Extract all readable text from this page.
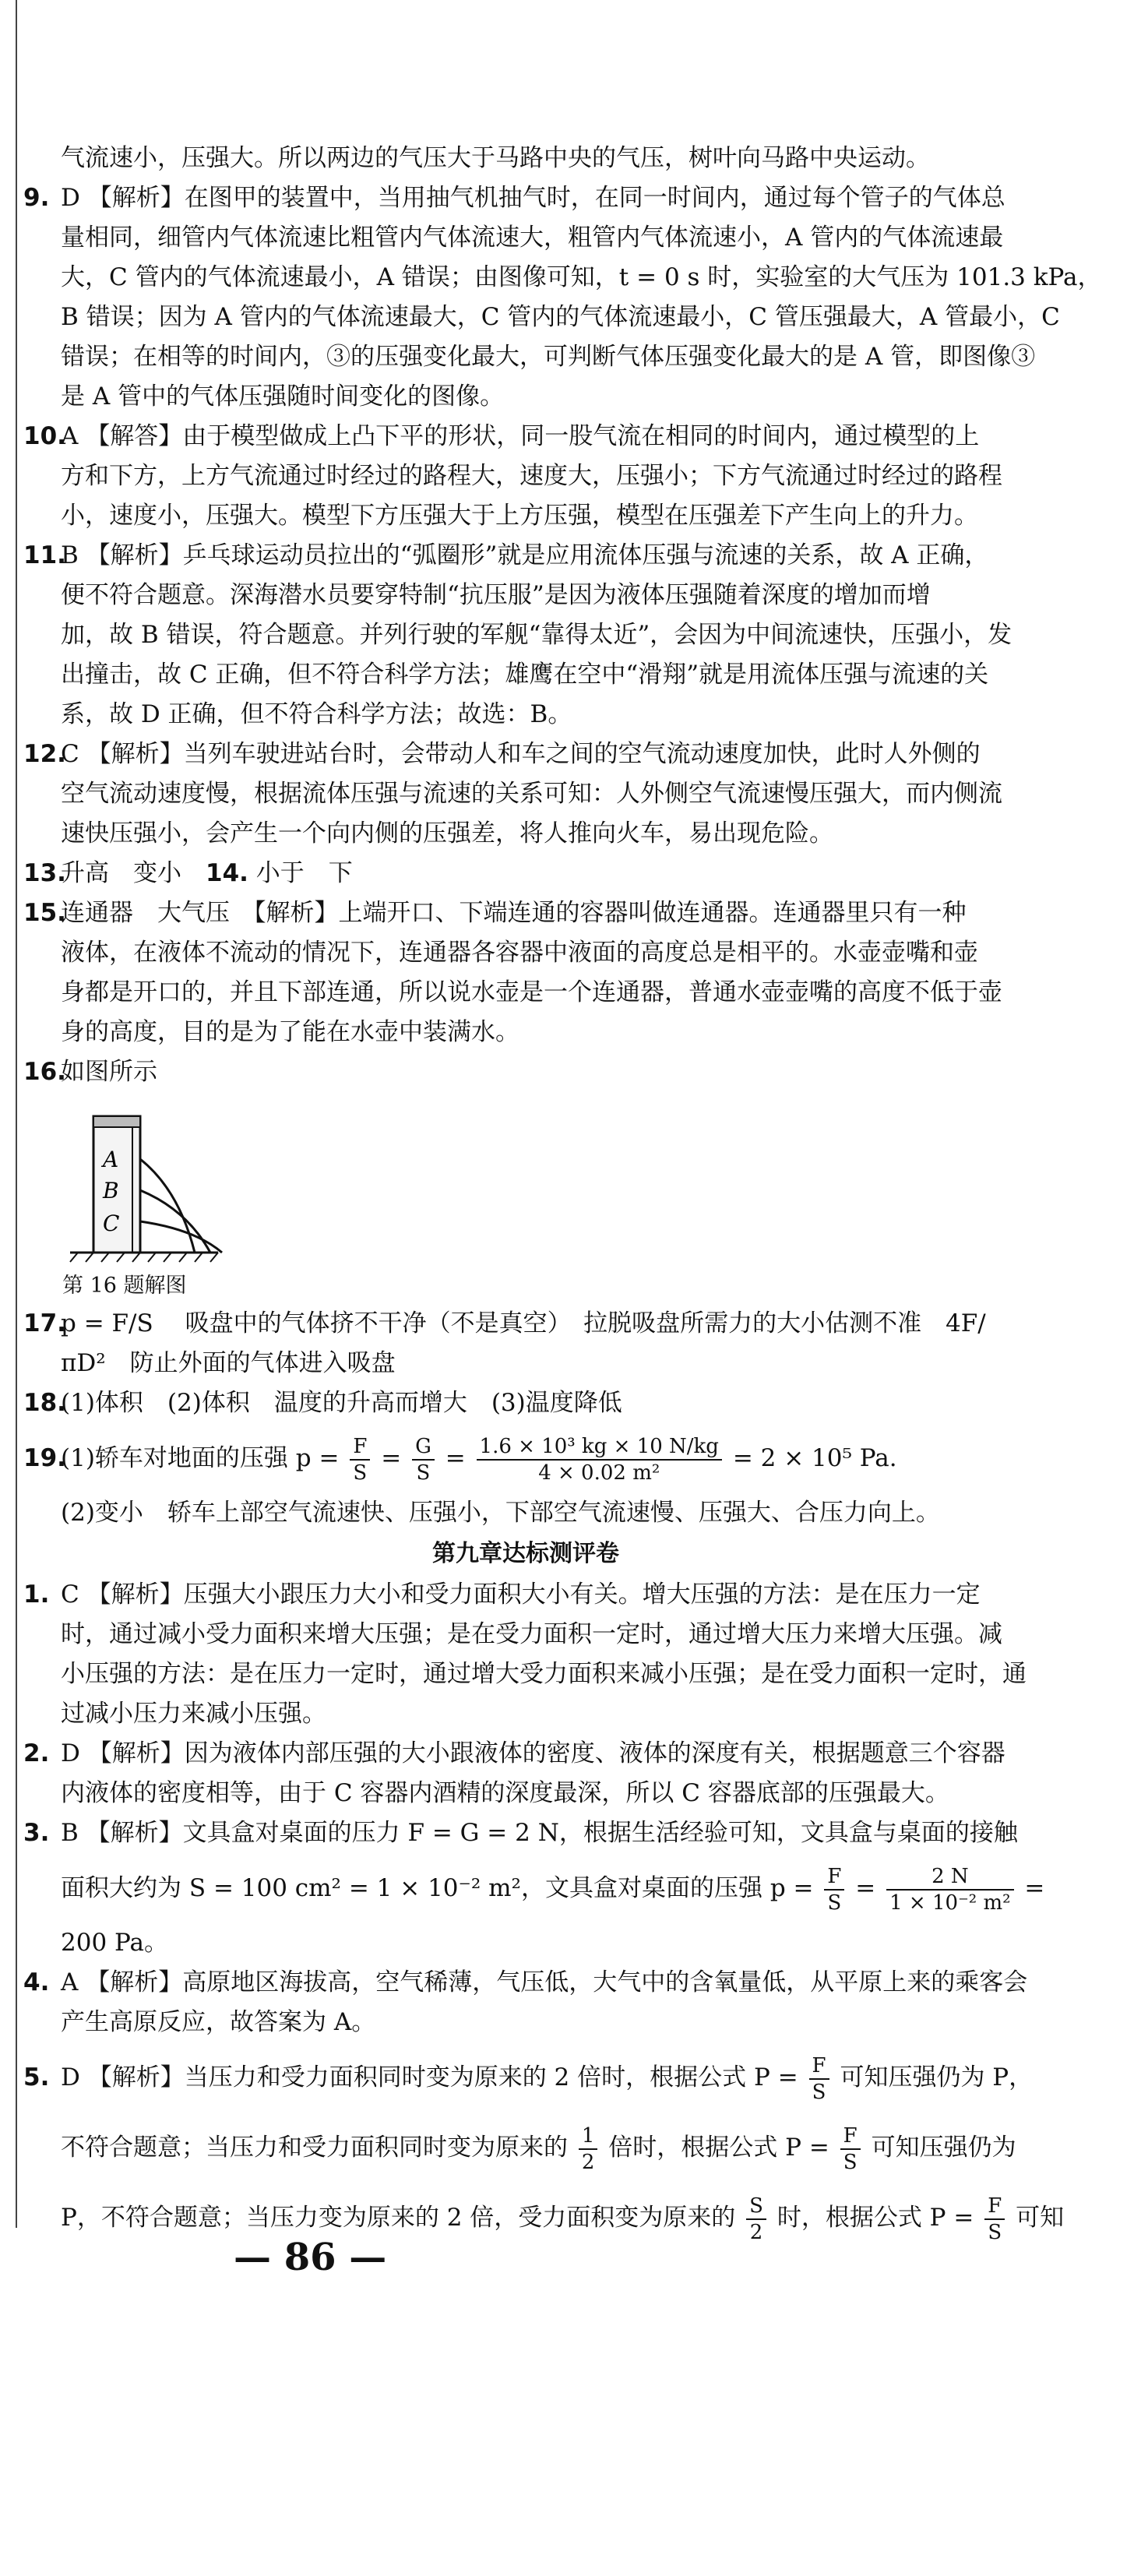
气流速小，压强大。所以两边的气压大于马路中央的气压，树叶向马路中央运动。
9. D 【解析】在图甲的装置中，当用抽气机抽气时，在同一时间内，通过每个管子的气体总
量相同，细管内气体流速比粗管内气体流速大，粗管内气体流速小，A 管内的气体流速最
大，C 管内的气体流速最小，A 错误；由图像可知，t = 0 s 时，实验室的大气压为 101.3 kPa，
B 错误；因为 A 管内的气体流速最大，C 管内的气体流速最小，C 管压强最大，A 管最小，C
错误；在相等的时间内，③的压强变化最大，可判断气体压强变化最大的是 A 管，即图像③
是 A 管中的气体压强随时间变化的图像。
10.
A 【解答】由于模型做成上凸下平的形状，同一股气流在相同的时间内，通过模型的上
方和下方，上方气流通过时经过的路程大，速度大，压强小；下方气流通过时经过的路程
小，速度小，压强大。模型下方压强大于上方压强，模型在压强差下产生向上的升力。
11.
B 【解析】乒乓球运动员拉出的“弧圈形”就是应用流体压强与流速的关系，故 A 正确，
便不符合题意。深海潜水员要穿特制“抗压服”是因为液体压强随着深度的增加而增
加，故 B 错误，符合题意。并列行驶的军舰“靠得太近”，会因为中间流速快，压强小，发
出撞击，故 C 正确，但不符合科学方法；雄鹰在空中“滑翔”就是用流体压强与流速的关
系，故 D 正确，但不符合科学方法；故选：B。
12.
C 【解析】当列车驶进站台时，会带动人和车之间的空气流动速度加快，此时人外侧的
空气流动速度慢，根据流体压强与流速的关系可知：人外侧空气流速慢压强大，而内侧流
速快压强小，会产生一个向内侧的压强差，将人推向火车，易出现危险。
13.
升高　变小　14. 小于　下
15.
连通器　大气压　【解析】上端开口、下端连通的容器叫做连通器。连通器里只有一种
液体，在液体不流动的情况下，连通器各容器中液面的高度总是相平的。水壶壶嘴和壶
身都是开口的，并且下部连通，所以说水壶是一个连通器，普通水壶壶嘴的高度不低于壶
身的高度，目的是为了能在水壶中装满水。
16.
如图所示
A
B
C
第 16 题解图
17.
p = F/S　 吸盘中的气体挤不干净（不是真空）　拉脱吸盘所需力的大小估测不准　4F/
πD²　防止外面的气体进入吸盘
18.
(1)体积　(2)体积　温度的升高而增大　(3)温度降低
19.
(1)轿车对地面的压强 $p = \frac{F}{S} = \frac{G}{S} = \frac{\text{1.6 × 10³ kg × 10 N/kg}}{\text{4 × 0.02 m²}} = 2 \times 10^5$ Pa.
(2)变小　轿车上部空气流速快、压强小，下部空气流速慢、压强大、合压力向上。
第九章达标测评卷
1. C 【解析】压强大小跟压力大小和受力面积大小有关。增大压强的方法：是在压力一定
时，通过减小受力面积来增大压强；是在受力面积一定时，通过增大压力来增大压强。减
小压强的方法：是在压力一定时，通过增大受力面积来减小压强；是在受力面积一定时，通
过减小压力来减小压强。
2. D 【解析】因为液体内部压强的大小跟液体的密度、液体的深度有关，根据题意三个容器
内液体的密度相等，由于 C 容器内酒精的深度最深，所以 C 容器底部的压强最大。
3. B 【解析】文具盒对桌面的压力 F = G = 2 N，根据生活经验可知，文具盒与桌面的接触
面积大约为 S = 100 cm² = 1 × 10⁻² m²，文具盒对桌面的压强 $p = \frac{F}{S} = \frac{2 N}{\text{1 × 10⁻² m²}}$ =
200 Pa。
4. A 【解析】高原地区海拔高，空气稀薄，气压低，大气中的含氧量低，从平原上来的乘客会
产生高原反应，故答案为 A。
5. D 【解析】当压力和受力面积同时变为原来的 2 倍时，根据公式 $P = \frac{F}{S}$ 可知压强仍为 P，
不符合题意；当压力和受力面积同时变为原来的 $\frac{1}{2}$ 倍时，根据公式 $P = \frac{F}{S}$ 可知压强仍为
P，不符合题意；当压力变为原来的 2 倍，受力面积变为原来的 $\frac{S}{2}$ 时，根据公式 $P = \frac{F}{S}$ 可知
— 86 —
